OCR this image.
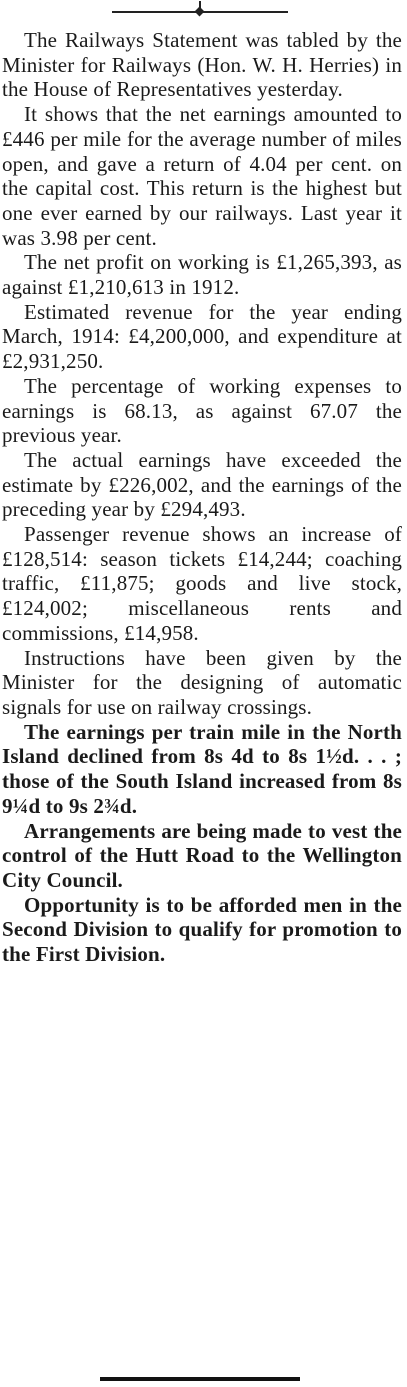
The Railways Statement was tabled by the Minister for Railways (Hon. W. H. Herries) in the House of Representatives yesterday.

It shows that the net earnings amounted to £446 per mile for the average number of miles open, and gave a return of 4.04 per cent. on the capital cost. This return is the highest but one ever earned by our railways. Last year it was 3.98 per cent.

The net profit on working is £1,265,393, as against £1,210,613 in 1912.

Estimated revenue for the year ending March, 1914: £4,200,000, and expenditure at £2,931,250.

The percentage of working expenses to earnings is 68.13, as against 67.07 the previous year.

The actual earnings have exceeded the estimate by £226,002, and the earnings of the preceding year by £294,493.

Passenger revenue shows an increase of £128,514: season tickets £14,244; coaching traffic, £11,875; goods and live stock, £124,002; miscellaneous rents and commissions, £14,958.

Instructions have been given by the Minister for the designing of automatic signals for use on railway crossings.

The earnings per train mile in the North Island declined from 8s 4d to 8s 1½d. . . ; those of the South Island increased from 8s 9¼d to 9s 2¾d.

Arrangements are being made to vest the control of the Hutt Road to the Wellington City Council.

Opportunity is to be afforded men in the Second Division to qualify for promotion to the First Division.
